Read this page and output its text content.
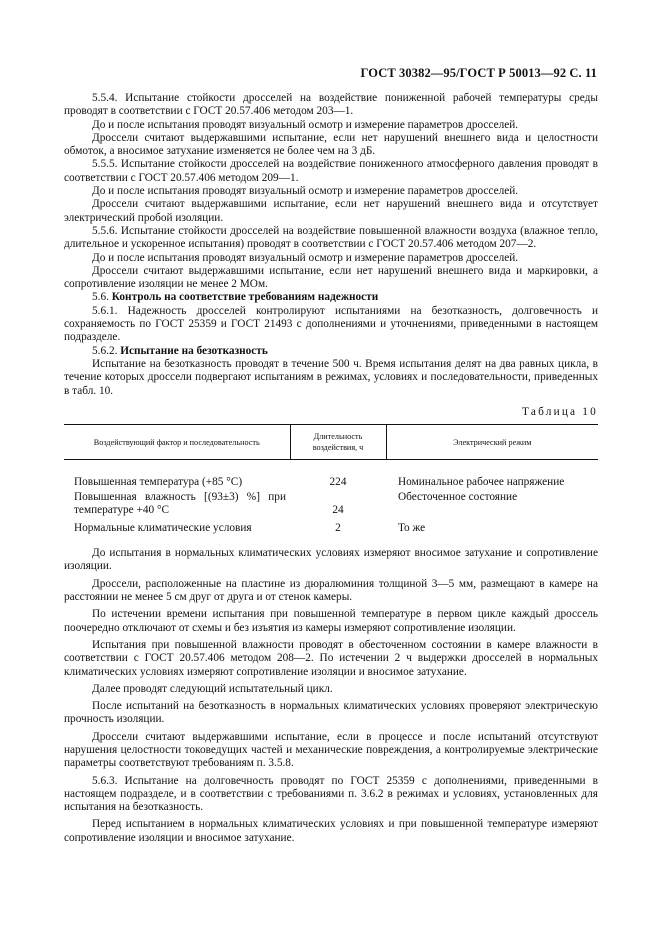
ГОСТ 30382—95/ГОСТ Р 50013—92 С. 11

5.5.4. Испытание стойкости дросселей на воздействие пониженной рабочей температуры среды проводят в соответствии с ГОСТ 20.57.406 методом 203—1.

До и после испытания проводят визуальный осмотр и измерение параметров дросселей.

Дроссели считают выдержавшими испытание, если нет нарушений внешнего вида и целостности обмоток, а вносимое затухание изменяется не более чем на 3 дБ.

5.5.5. Испытание стойкости дросселей на воздействие пониженного атмосферного давления проводят в соответствии с ГОСТ 20.57.406 методом 209—1.

До и после испытания проводят визуальный осмотр и измерение параметров дросселей.

Дроссели считают выдержавшими испытание, если нет нарушений внешнего вида и отсутствует электрический пробой изоляции.

5.5.6. Испытание стойкости дросселей на воздействие повышенной влажности воздуха (влажное тепло, длительное и ускоренное испытания) проводят в соответствии с ГОСТ 20.57.406 методом 207—2.

До и после испытания проводят визуальный осмотр и измерение параметров дросселей.

Дроссели считают выдержавшими испытание, если нет нарушений внешнего вида и маркировки, а сопротивление изоляции не менее 2 МОм.

5.6. Контроль на соответствие требованиям надежности

5.6.1. Надежность дросселей контролируют испытаниями на безотказность, долговечность и сохраняемость по ГОСТ 25359 и ГОСТ 21493 с дополнениями и уточнениями, приведенными в настоящем подразделе.

5.6.2. Испытание на безотказность

Испытание на безотказность проводят в течение 500 ч. Время испытания делят на два равных цикла, в течение которых дроссели подвергают испытаниям в режимах, условиях и последовательности, приведенных в табл. 10.

Таблица 10
Воздействующий фактор и последовательность	Длительность воздействия, ч	Электрический режим
Повышенная температура (+85 °С)	224	Номинальное рабочее напряжение
Повышенная влажность [(93±3) %] при температуре +40 °С	24	Обесточенное состояние
Нормальные климатические условия	2	То же

До испытания в нормальных климатических условиях измеряют вносимое затухание и сопротивление изоляции.

Дроссели, расположенные на пластине из дюралюминия толщиной 3—5 мм, размещают в камере на расстоянии не менее 5 см друг от друга и от стенок камеры.

По истечении времени испытания при повышенной температуре в первом цикле каждый дроссель поочередно отключают от схемы и без изъятия из камеры измеряют сопротивление изоляции.

Испытания при повышенной влажности проводят в обесточенном состоянии в камере влажности в соответствии с ГОСТ 20.57.406 методом 208—2. По истечении 2 ч выдержки дросселей в нормальных климатических условиях измеряют сопротивление изоляции и вносимое затухание.

Далее проводят следующий испытательный цикл.

После испытаний на безотказность в нормальных климатических условиях проверяют электрическую прочность изоляции.

Дроссели считают выдержавшими испытание, если в процессе и после испытаний отсутствуют нарушения целостности токоведущих частей и механические повреждения, а контролируемые электрические параметры соответствуют требованиям п. 3.5.8.

5.6.3. Испытание на долговечность проводят по ГОСТ 25359 с дополнениями, приведенными в настоящем подразделе, и в соответствии с требованиями п. 3.6.2 в режимах и условиях, установленных для испытания на безотказность.

Перед испытанием в нормальных климатических условиях и при повышенной температуре измеряют сопротивление изоляции и вносимое затухание.
